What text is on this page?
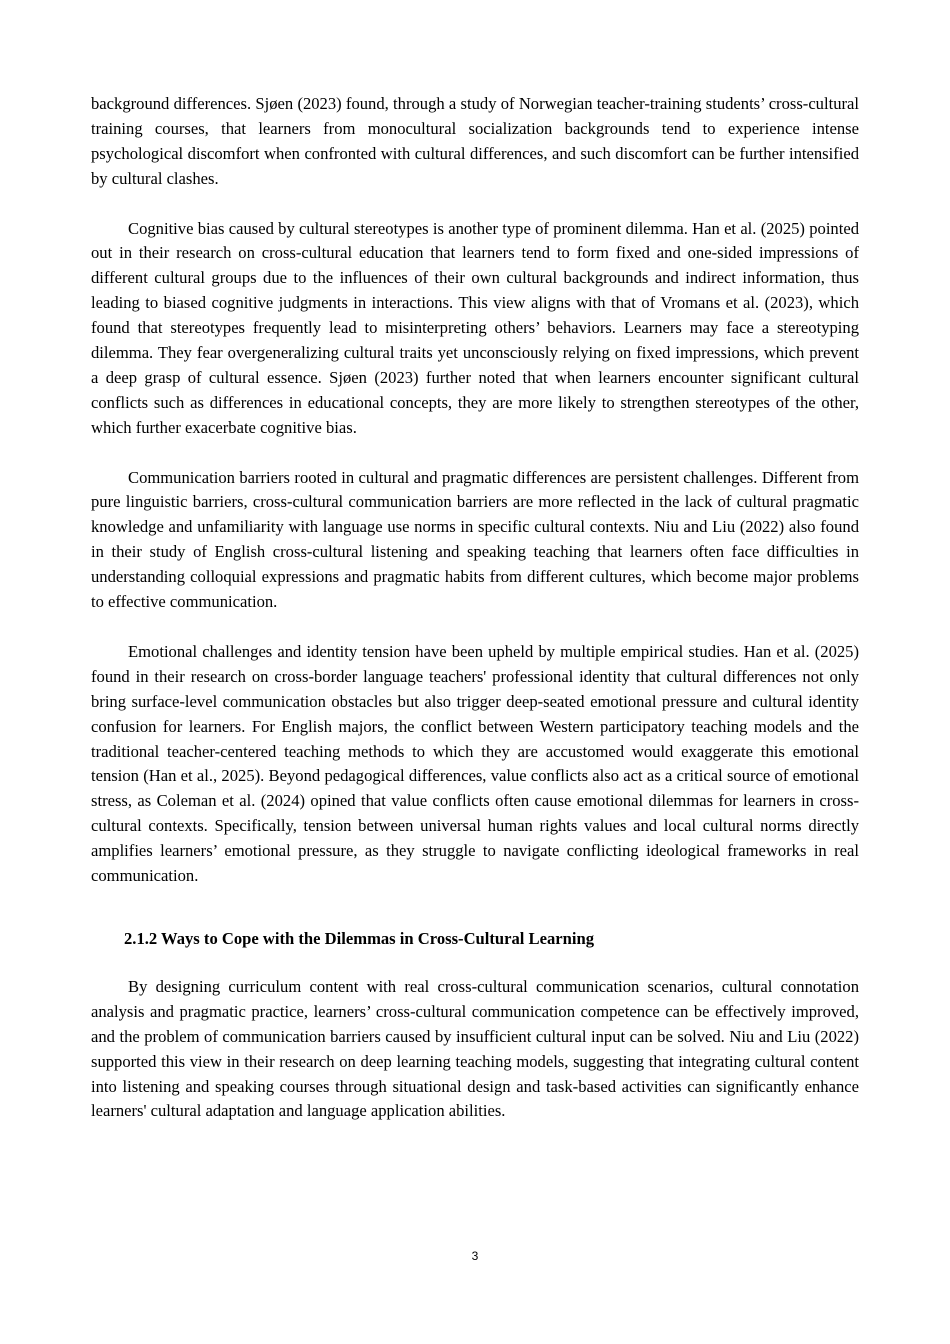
background differences. Sjøen (2023) found, through a study of Norwegian teacher-training students’ cross-cultural training courses, that learners from monocultural socialization backgrounds tend to experience intense psychological discomfort when confronted with cultural differences, and such discomfort can be further intensified by cultural clashes.

Cognitive bias caused by cultural stereotypes is another type of prominent dilemma. Han et al. (2025) pointed out in their research on cross-cultural education that learners tend to form fixed and one-sided impressions of different cultural groups due to the influences of their own cultural backgrounds and indirect information, thus leading to biased cognitive judgments in interactions. This view aligns with that of Vromans et al. (2023), which found that stereotypes frequently lead to misinterpreting others’ behaviors. Learners may face a stereotyping dilemma. They fear overgeneralizing cultural traits yet unconsciously relying on fixed impressions, which prevent a deep grasp of cultural essence. Sjøen (2023) further noted that when learners encounter significant cultural conflicts such as differences in educational concepts, they are more likely to strengthen stereotypes of the other, which further exacerbate cognitive bias.

Communication barriers rooted in cultural and pragmatic differences are persistent challenges. Different from pure linguistic barriers, cross-cultural communication barriers are more reflected in the lack of cultural pragmatic knowledge and unfamiliarity with language use norms in specific cultural contexts. Niu and Liu (2022) also found in their study of English cross-cultural listening and speaking teaching that learners often face difficulties in understanding colloquial expressions and pragmatic habits from different cultures, which become major problems to effective communication.

Emotional challenges and identity tension have been upheld by multiple empirical studies. Han et al. (2025) found in their research on cross-border language teachers' professional identity that cultural differences not only bring surface-level communication obstacles but also trigger deep-seated emotional pressure and cultural identity confusion for learners. For English majors, the conflict between Western participatory teaching models and the traditional teacher-centered teaching methods to which they are accustomed would exaggerate this emotional tension (Han et al., 2025). Beyond pedagogical differences, value conflicts also act as a critical source of emotional stress, as Coleman et al. (2024) opined that value conflicts often cause emotional dilemmas for learners in cross-cultural contexts. Specifically, tension between universal human rights values and local cultural norms directly amplifies learners’ emotional pressure, as they struggle to navigate conflicting ideological frameworks in real communication.

2.1.2 Ways to Cope with the Dilemmas in Cross-Cultural Learning

By designing curriculum content with real cross-cultural communication scenarios, cultural connotation analysis and pragmatic practice, learners’ cross-cultural communication competence can be effectively improved, and the problem of communication barriers caused by insufficient cultural input can be solved. Niu and Liu (2022) supported this view in their research on deep learning teaching models, suggesting that integrating cultural content into listening and speaking courses through situational design and task-based activities can significantly enhance learners' cultural adaptation and language application abilities.

3
